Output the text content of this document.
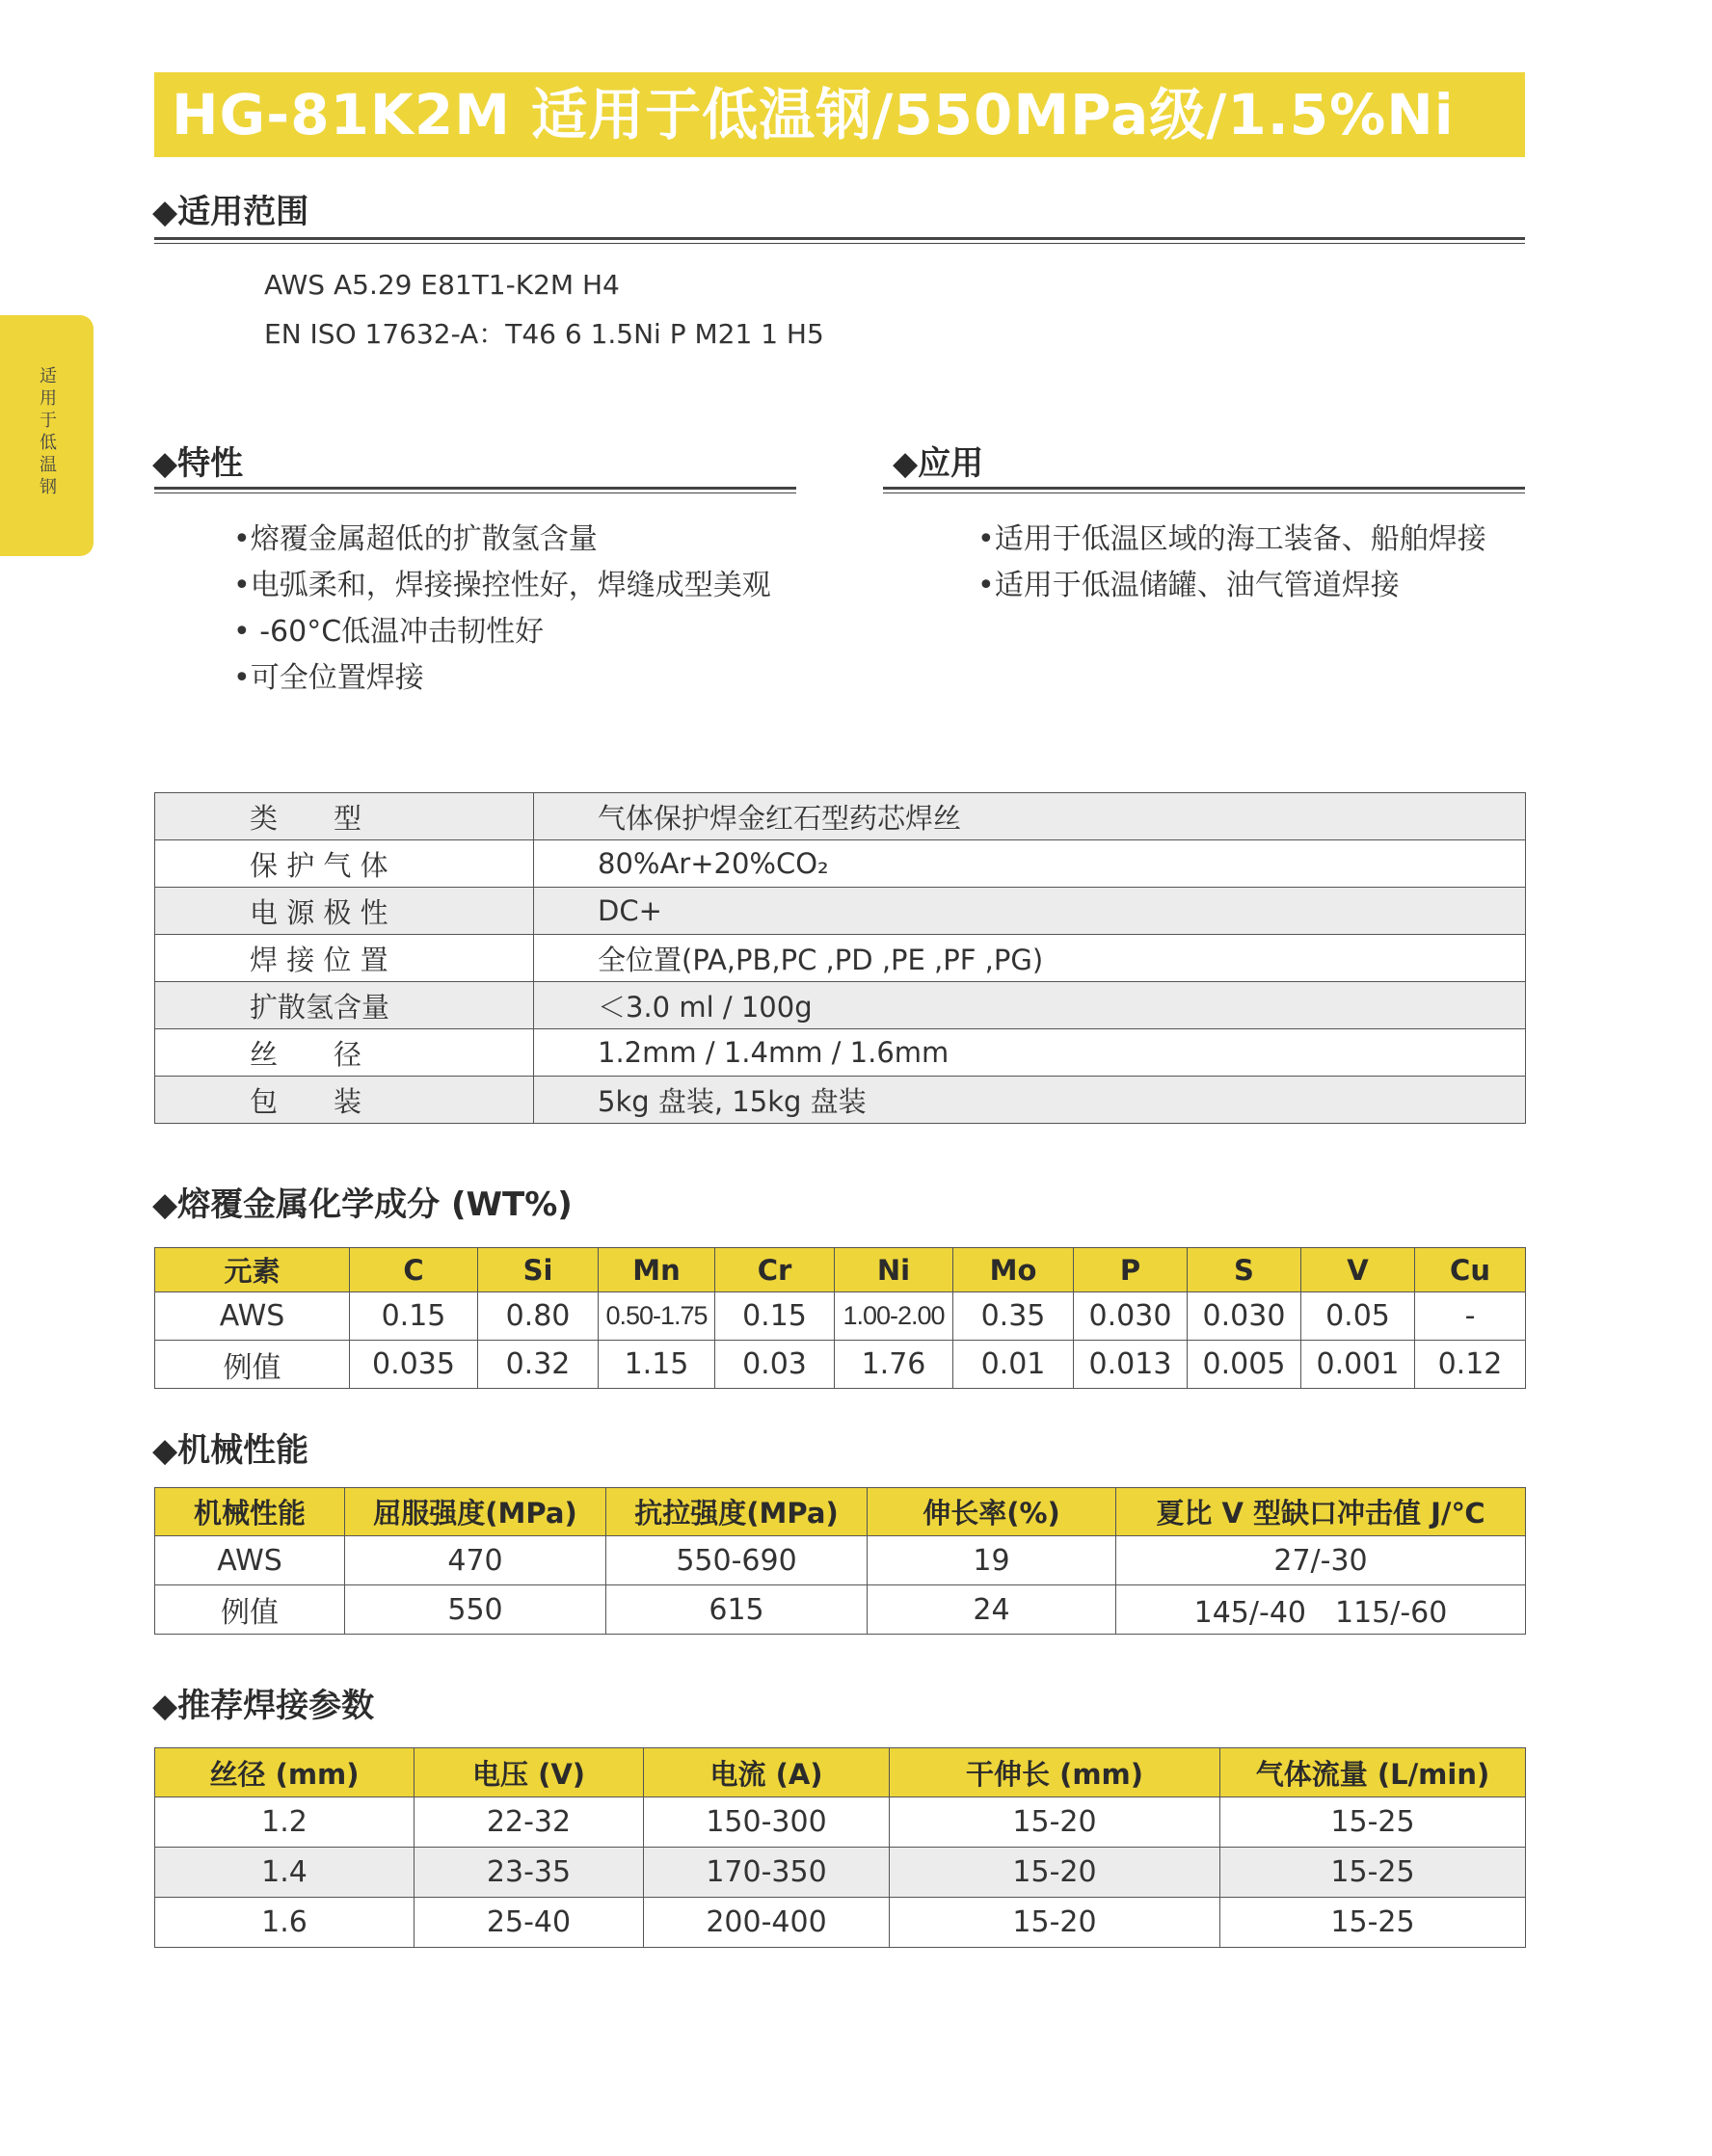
HG-81K2M 适用于低温钢/550MPa级/1.5%Ni
适用于低温钢
◆适用范围
AWS A5.29 E81T1-K2M H4
EN ISO 17632-A：T46 6 1.5Ni P M21 1 H5
◆特性
•熔覆金属超低的扩散氢含量
•电弧柔和，焊接操控性好，焊缝成型美观
• -60°C低温冲击韧性好
•可全位置焊接
◆应用
•适用于低温区域的海工装备、船舶焊接
•适用于低温储罐、油气管道焊接
类　　型	气体保护焊金红石型药芯焊丝
保 护 气 体	80%Ar+20%CO₂
电 源 极 性	DC+
焊 接 位 置	全位置(PA,PB,PC ,PD ,PE ,PF ,PG)
扩散氢含量	＜3.0 ml / 100g
丝　　径	1.2mm / 1.4mm / 1.6mm
包　　装	5kg 盘装, 15kg 盘装
◆熔覆金属化学成分 (WT%)
元素	C	Si	Mn	Cr	Ni	Mo	P	S	V	Cu
AWS	0.15	0.80	0.50-1.75	0.15	1.00-2.00	0.35	0.030	0.030	0.05	-
例值	0.035	0.32	1.15	0.03	1.76	0.01	0.013	0.005	0.001	0.12
◆机械性能
机械性能	屈服强度(MPa)	抗拉强度(MPa)	伸长率(%)	夏比 V 型缺口冲击值 J/℃
AWS	470	550-690	19	27/-30
例值	550	615	24	145/-40　115/-60
◆推荐焊接参数
丝径 (mm)	电压 (V)	电流 (A)	干伸长 (mm)	气体流量 (L/min)
1.2	22-32	150-300	15-20	15-25
1.4	23-35	170-350	15-20	15-25
1.6	25-40	200-400	15-20	15-25
